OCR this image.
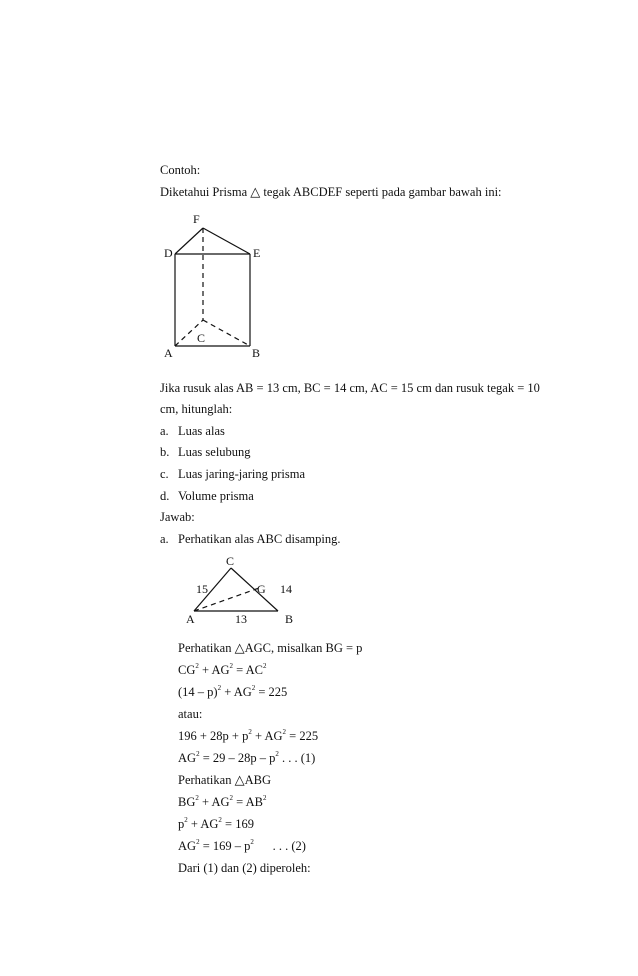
Contoh:
Diketahui Prisma △ tegak ABCDEF seperti pada gambar bawah ini:
F
D	E
C
A	B
Jika rusuk alas AB = 13 cm, BC = 14 cm, AC = 15 cm dan rusuk tegak = 10
cm, hitunglah:
a. Luas alas
b. Luas selubung
c. Luas jaring-jaring prisma
d. Volume prisma
Jawab:
a. Perhatikan alas ABC disamping.
C
15	G 14
A	13	B
Perhatikan △AGC, misalkan BG = p
$CG^2 + AG^2 = AC^2$
$(14 - p)^2 + AG^2 = 225$
atau:
$196 + 28p + p^2 + AG^2 = 225$
$AG^2 = 29 - 28p - p^2$ . . . (1)
Perhatikan △ABG
$BG^2 + AG^2 = AB^2$
$p^2 + AG^2 = 169$
$AG^2 = 169 - p^2$      . . . (2)
Dari (1) dan (2) diperoleh:
